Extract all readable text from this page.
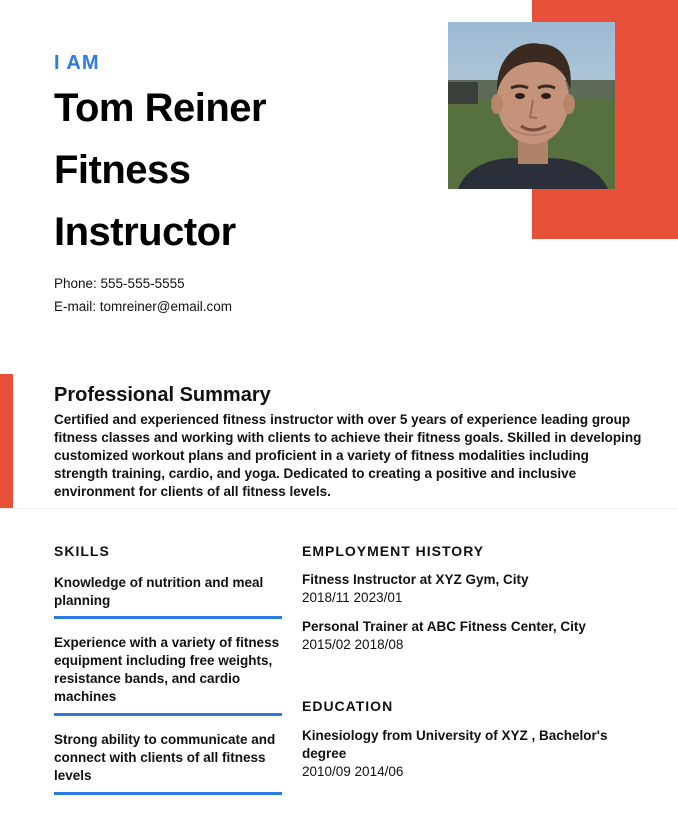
I AM
Tom Reiner
Fitness
Instructor
Phone: 555-555-5555
E-mail: tomreiner@email.com
Professional Summary
Certified and experienced fitness instructor with over 5 years of experience leading group fitness classes and working with clients to achieve their fitness goals. Skilled in developing customized workout plans and proficient in a variety of fitness modalities including strength training, cardio, and yoga. Dedicated to creating a positive and inclusive environment for clients of all fitness levels.
SKILLS
Knowledge of nutrition and meal planning
Experience with a variety of fitness equipment including free weights, resistance bands, and cardio machines
Strong ability to communicate and connect with clients of all fitness levels
EMPLOYMENT HISTORY
Fitness Instructor at XYZ Gym, City
2018/11 2023/01
Personal Trainer at ABC Fitness Center, City
2015/02 2018/08
EDUCATION
Kinesiology from University of XYZ , Bachelor's degree
2010/09 2014/06
